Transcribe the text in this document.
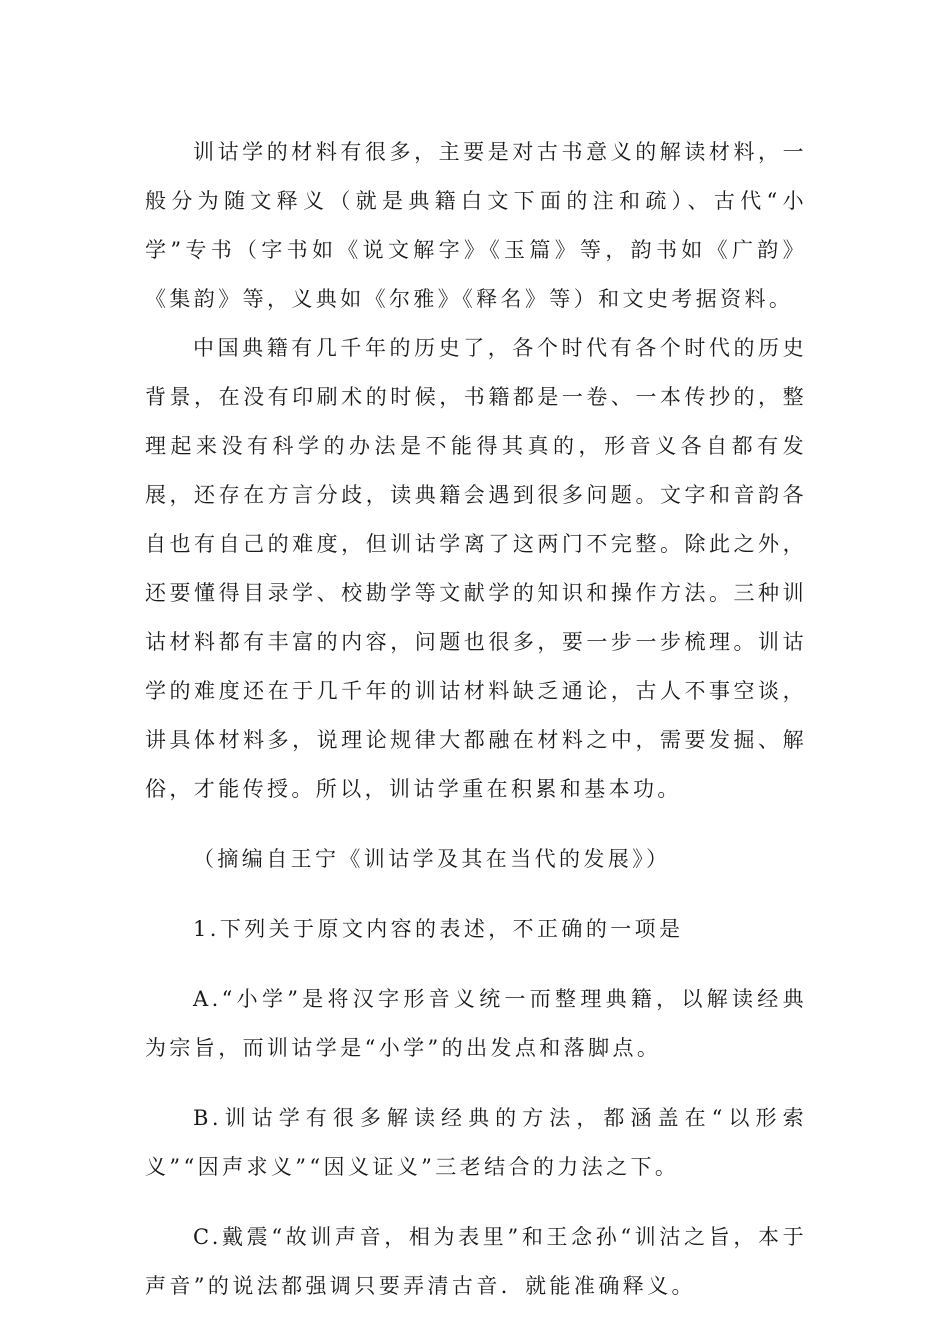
训诂学的材料有很多，主要是对古书意义的解读材料，一般分为随文释义（就是典籍白文下面的注和疏）、古代“小学”专书（字书如《说文解字》《玉篇》等，韵书如《广韵》《集韵》等，义典如《尔雅》《释名》等）和文史考据资料。

中国典籍有几千年的历史了，各个时代有各个时代的历史背景，在没有印刷术的时候，书籍都是一卷、一本传抄的，整理起来没有科学的办法是不能得其真的，形音义各自都有发展，还存在方言分歧，读典籍会遇到很多问题。文字和音韵各自也有自己的难度，但训诂学离了这两门不完整。除此之外，还要懂得目录学、校勘学等文献学的知识和操作方法。三种训诂材料都有丰富的内容，问题也很多，要一步一步梳理。训诂学的难度还在于几千年的训诂材料缺乏通论，古人不事空谈，讲具体材料多，说理论规律大都融在材料之中，需要发掘、解俗，才能传授。所以，训诂学重在积累和基本功。

（摘编自王宁《训诂学及其在当代的发展》）

1.下列关于原文内容的表述，不正确的一项是

A.“小学”是将汉字形音义统一而整理典籍，以解读经典为宗旨，而训诂学是“小学”的出发点和落脚点。

B.训诂学有很多解读经典的方法，都涵盖在“以形索义”“因声求义”“因义证义”三老结合的力法之下。

C.戴震“故训声音，相为表里”和王念孙“训沽之旨，本于声音”的说法都强调只要弄清古音．就能准确释义。
